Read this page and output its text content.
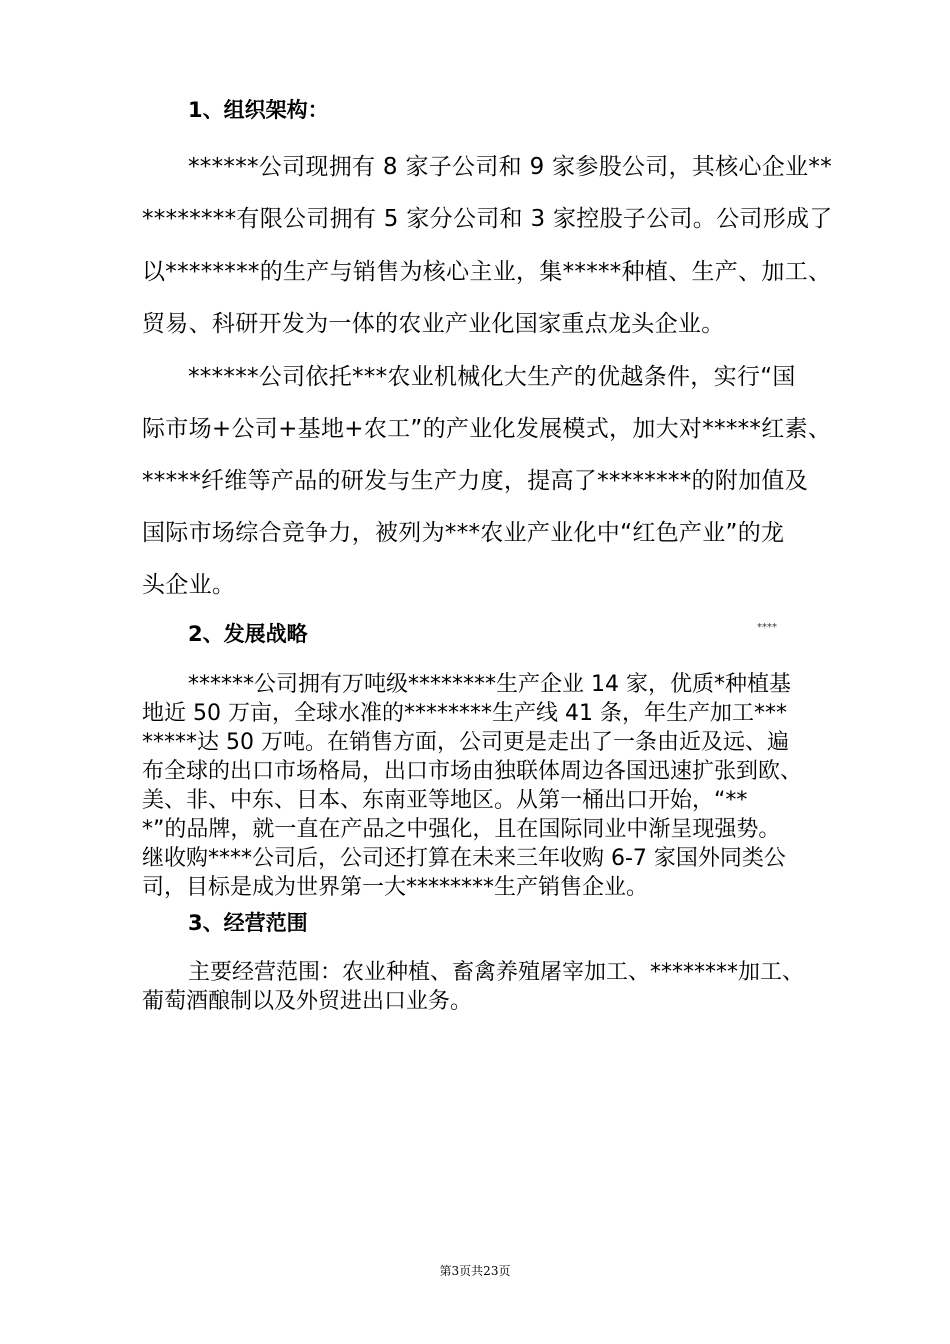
1、组织架构：

******公司现拥有 8 家子公司和 9 家参股公司，其核心企业**

********有限公司拥有 5 家分公司和 3 家控股子公司。公司形成了

以********的生产与销售为核心主业，集*****种植、生产、加工、

贸易、科研开发为一体的农业产业化国家重点龙头企业。

******公司依托***农业机械化大生产的优越条件，实行“国

际市场+公司+基地+农工”的产业化发展模式，加大对*****红素、

*****纤维等产品的研发与生产力度，提高了********的附加值及

国际市场综合竞争力，被列为***农业产业化中“红色产业”的龙

头企业。

2、发展战略	****

******公司拥有万吨级********生产企业 14 家，优质*种植基

地近 50 万亩，全球水准的********生产线 41 条，年生产加工***

*****达 50 万吨。在销售方面，公司更是走出了一条由近及远、遍

布全球的出口市场格局，出口市场由独联体周边各国迅速扩张到欧、

美、非、中东、日本、东南亚等地区。从第一桶出口开始，“**

*”的品牌，就一直在产品之中强化，且在国际同业中渐呈现强势。

继收购****公司后，公司还打算在未来三年收购 6-7 家国外同类公

司，目标是成为世界第一大********生产销售企业。

3、经营范围

主要经营范围：农业种植、畜禽养殖屠宰加工、********加工、

葡萄酒酿制以及外贸进出口业务。

第3页共23页
